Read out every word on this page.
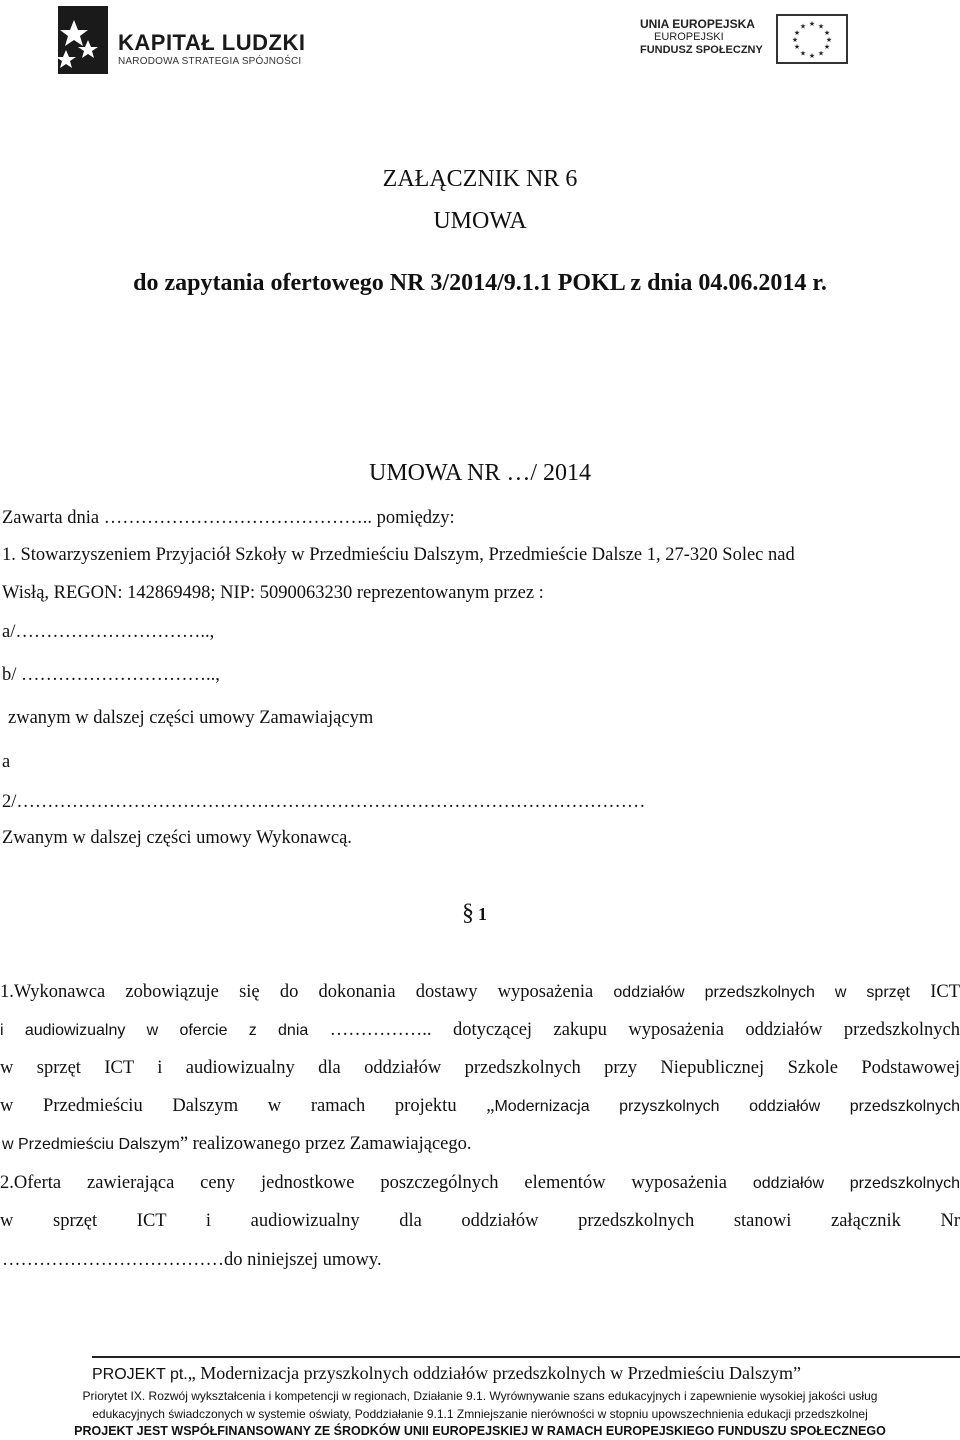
KAPITAŁ LUDZKI
NARODOWA STRATEGIA SPÓJNOŚCI
UNIA EUROPEJSKA
EUROPEJSKI
FUNDUSZ SPOŁECZNY
★ ★
★
★
★
★
★
★
★
★
★
★
ZAŁĄCZNIK NR 6
UMOWA
do zapytania ofertowego NR 3/2014/9.1.1 POKL z dnia 04.06.2014 r.
UMOWA NR …/ 2014
Zawarta dnia …………………………………….. pomiędzy:
1. Stowarzyszeniem Przyjaciół Szkoły w Przedmieściu Dalszym, Przedmieście Dalsze 1, 27-320 Solec nad
Wisłą, REGON: 142869498; NIP: 5090063230 reprezentowanym przez :
a/…………………………..,
b/ …………………………..,
zwanym w dalszej części umowy Zamawiającym
a
2/…………………………………………………………………………………………
Zwanym w dalszej części umowy Wykonawcą.
§ 1
1.Wykonawca zobowiązuje się do dokonania dostawy wyposażenia oddziałów przedszkolnych w sprzęt ICT
i audiowizualny w ofercie z dnia …………….. dotyczącej zakupu wyposażenia oddziałów przedszkolnych
w sprzęt ICT i audiowizualny dla oddziałów przedszkolnych przy Niepublicznej Szkole Podstawowej
w Przedmieściu Dalszym w ramach projektu „Modernizacja przyszkolnych oddziałów przedszkolnych
w Przedmieściu Dalszym” realizowanego przez Zamawiającego.
2.Oferta zawierająca ceny jednostkowe poszczególnych elementów wyposażenia oddziałów przedszkolnych
w sprzęt ICT i audiowizualny dla oddziałów przedszkolnych stanowi załącznik Nr
………………………………do niniejszej umowy.
PROJEKT pt.„ Modernizacja przyszkolnych oddziałów przedszkolnych w Przedmieściu Dalszym”
Priorytet IX. Rozwój wykształcenia i kompetencji w regionach, Działanie 9.1. Wyrównywanie szans edukacyjnych i zapewnienie wysokiej jakości usług
edukacyjnych świadczonych w systemie oświaty, Poddziałanie 9.1.1 Zmniejszanie nierówności w stopniu upowszechnienia edukacji przedszkolnej
PROJEKT JEST WSPÓŁFINANSOWANY ZE ŚRODKÓW UNII EUROPEJSKIEJ W RAMACH EUROPEJSKIEGO FUNDUSZU SPOŁECZNEGO
